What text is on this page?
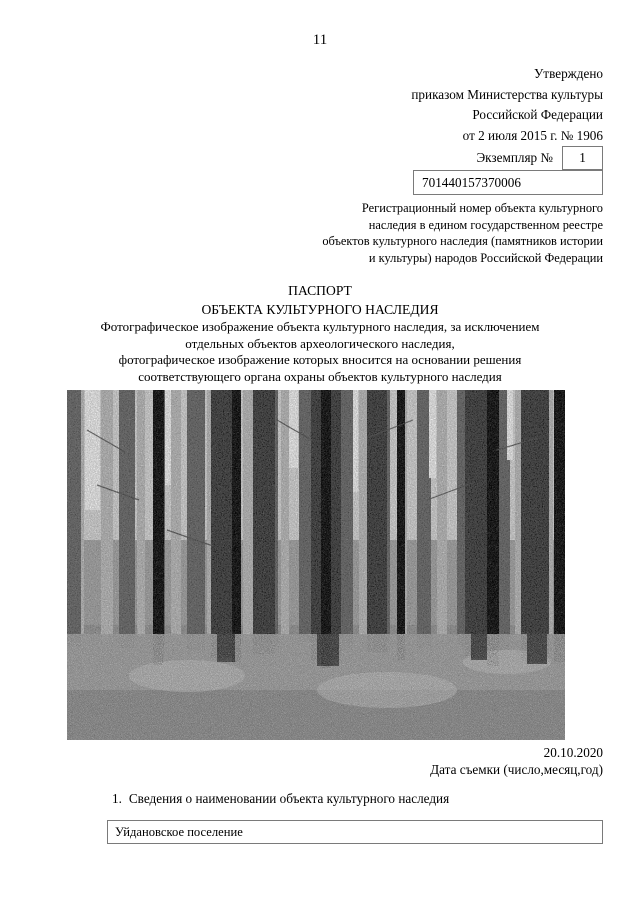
11
Утверждено
приказом Министерства культуры
Российской Федерации
от 2 июля 2015 г. № 1906
Экземпляр №	1
701440157370006
Регистрационный номер объекта культурного
наследия в едином государственном реестре
объектов культурного наследия (памятников истории
и культуры) народов Российской Федерации
ПАСПОРТ
ОБЪЕКТА КУЛЬТУРНОГО НАСЛЕДИЯ
Фотографическое изображение объекта культурного наследия, за исключением
отдельных объектов археологического наследия,
фотографическое изображение которых вносится на основании решения
соответствующего органа охраны объектов культурного наследия
20.10.2020
Дата съемки (число,месяц,год)
1. Сведения о наименовании объекта культурного наследия
Уйдановское поселение
